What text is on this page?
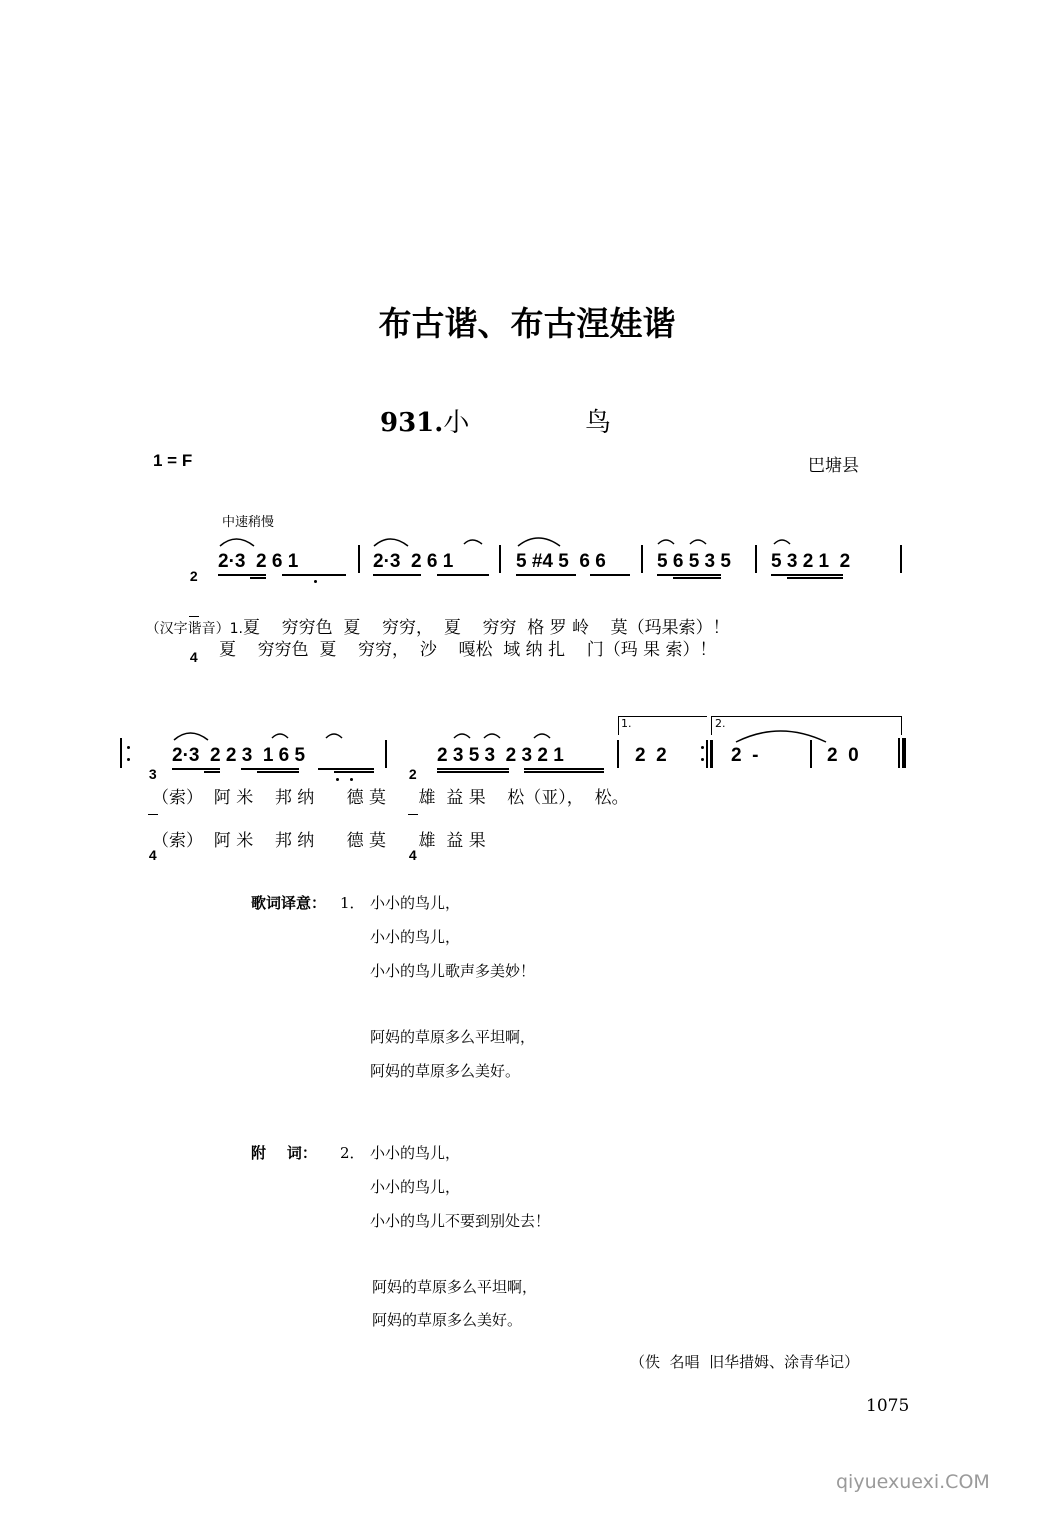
布古谐、布古涅娃谐
931.小	鸟
1 = F	巴塘县
中速稍慢

2

4

2·3  2 6 1	2·3  2 6 1	5 #4 5  6 6	5 6 5 3 5 5 3 2 1  2

（汉字谐音）1.夏    穷穷色  夏    穷穷，  夏    穷穷  格 罗 岭    莫（玛果索）！

夏    穷穷色  夏    穷穷，  沙    嘎松  域 纳 扎    门（玛 果 索）！

3

4

2·3  2 2 3  1 6 5

2

4

2 3 5 3  2 3 2 1	2  2	2  -	2  0
1.	2.
（索）  阿 米    邦 纳      德 莫      雄  益 果    松（亚），  松。
（索）  阿 米    邦 纳      德 莫      雄  益 果
歌词译意： 1． 小小的鸟儿，
小小的鸟儿，
小小的鸟儿歌声多美妙！
阿妈的草原多么平坦啊，
阿妈的草原多么美好。
附    词： 2． 小小的鸟儿，
小小的鸟儿，
小小的鸟儿不要到别处去！
阿妈的草原多么平坦啊，
阿妈的草原多么美好。
（佚  名唱  旧华措姆、涂青华记）
1075
qiyuexuexi.COM
